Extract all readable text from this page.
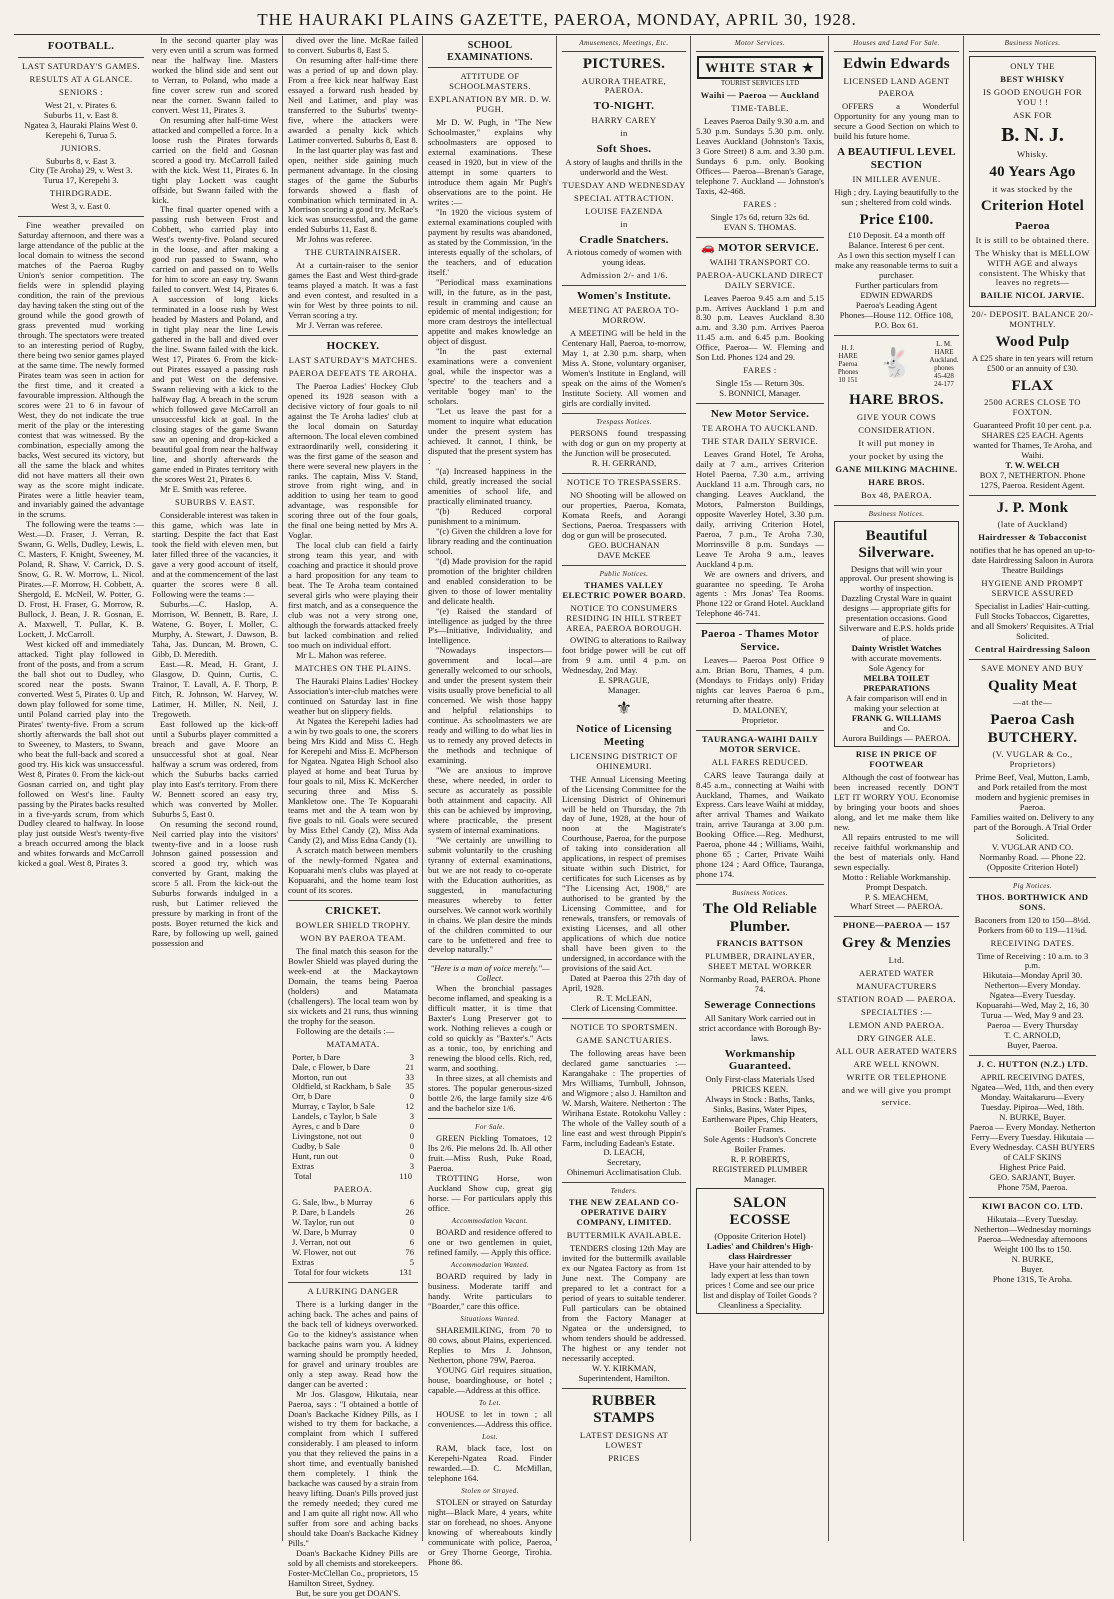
THE HAURAKI PLAINS GAZETTE, PAEROA, MONDAY, APRIL 30, 1928.
FOOTBALL.
LAST SATURDAY'S GAMES.
RESULTS AT A GLANCE.
SENIORS :
West 21, v. Pirates 6.
Suburbs 11, v. East 8.
Ngatea 3, Hauraki Plains West 0.
Kerepehi 6, Turua 5.
JUNIORS.
Suburbs 8, v. East 3.
City (Te Aroha) 29, v. West 3.
Turua 17, Kerepehi 3.
THIRDGRADE.
West 3, v. East 0.

Fine weather prevailed on Saturday afternoon, and there was a large attendance of the public at the local domain to witness the second matches of the Paeroa Rugby Union's senior competition. The fields were in splendid playing condition, the rain of the previous day having taken the sting out of the ground while the good growth of grass prevented mud working through. The spectators were treated to an interesting period of Rugby, there being two senior games played at the same time. The newly formed Pirates team was seen in action for the first time, and it created a favourable impression. Although the scores were 21 to 6 in favour of West, they do not indicate the true merit of the play or the interesting contest that was witnessed. By the combination, especially among the backs, West secured its victory, but all the same the black and whites did not have matters all their own way as the score might indicate. Pirates were a little heavier team, and invariably gained the advantage in the scrums.

The following were the teams :—West.—D. Fraser, J. Verran, R. Swann, G. Wells, Dudley, Lewis, L. C. Masters, F. Knight, Sweeney, M. Poland, R. Shaw, V. Carrick, D. S. Snow, G. R. W. Morrow, L. Nicol. Pirates.—F. Morrow, H. Cobbett, A. Shergold, E. McNeil, W. Potter, G. D. Frost, H. Fraser, G. Morrow, R. Bullock, J. Bean, J. R. Gosnan, E. A. Maxwell, T. Pullar, K. B. Lockett, J. McCarroll.

West kicked off and immediately attacked. Tight play followed in front of the posts, and from a scrum the ball shot out to Dudley, who scored near the posts. Swann converted. West 5, Pirates 0. Up and down play followed for some time, until Poland carried play into the Pirates' twenty-five. From a scrum shortly afterwards the ball shot out to Sweeney, to Masters, to Swann, who beat the full-back and scored a good try. His kick was unsuccessful. West 8, Pirates 0. From the kick-out Gosnan carried on, and tight play followed on West's line. Faulty passing by the Pirates backs resulted in a five-yards scrum, from which Dudley cleared to halfway. In loose play just outside West's twenty-five a breach occurred among the black and whites forwards and McCarroll kicked a goal. West 8, Pirates 3.

In the second quarter play was very even until a scrum was formed near the halfway line. Masters worked the blind side and sent out to Verran, to Poland, who made a fine cover screw run and scored near the corner. Swann failed to convert. West 11, Pirates 3.

On resuming after half-time West attacked and compelled a force. In a loose rush the Pirates forwards carried on the field and Gosnan scored a good try. McCarroll failed with the kick. West 11, Pirates 6. In tight play Lockett was caught offside, but Swann failed with the kick.

The final quarter opened with a passing rush between Frost and Cobbett, who carried play into West's twenty-five. Poland secured in the loose, and after making a good run passed to Swann, who carried on and passed on to Wells for him to score an easy try. Swann failed to convert. West 14, Pirates 6. A succession of long kicks terminated in a loose rush by West headed by Masters and Poland, and in tight play near the line Lewis gathered in the ball and dived over the line. Swann failed with the kick. West 17, Pirates 6. From the kick-out Pirates essayed a passing rush and put West on the defensive. Swann relieving with a kick to the halfway flag. A breach in the scrum which followed gave McCarroll an unsuccessful kick at goal. In the closing stages of the game Swann saw an opening and drop-kicked a beautiful goal from near the halfway line, and shortly afterwards the game ended in Pirates territory with the scores West 21, Pirates 6.

Mr E. Smith was referee.

SUBURBS V. EAST.

Considerable interest was taken in this game, which was late in starting. Despite the fact that East took the field with eleven men, but later filled three of the vacancies, it gave a very good account of itself, and at the commencement of the last quarter the scores were 8 all. Following were the teams :—

Suburbs.—C. Haslop, A. Morrison, W. Bennett, B. Rare, J. Watene, G. Boyer, I. Moller, C. Murphy, A. Stewart, J. Dawson, B. Taha, Jas. Duncan, M. Brown, C. Gibb, D. Meredith.

East.—R. Mead, H. Grant, J. Glasgow, D. Quinn, Curtis, C. Trainor, T. Lavall, A. F. Thorp, P. Fitch, R. Johnson, W. Harvey, W. Latimer, H. Miller, N. Neil, J. Tregoweth.

East followed up the kick-off until a Suburbs player committed a breach and gave Moore an unsuccessful shot at goal. Near halfway a scrum was ordered, from which the Suburbs backs carried play into East's territory. From there W. Bennett scored an easy try, which was converted by Moller. Suburbs 5, East 0.

On resuming the second round, Neil carried play into the visitors' twenty-five and in a loose rush Johnson gained possession and scored a good try, which was converted by Grant, making the score 5 all. From the kick-out the Suburbs forwards indulged in a rush, but Latimer relieved the pressure by marking in front of the posts. Boyer returned the kick and Rare, by following up well, gained possession and

dived over the line. McRae failed to convert. Suburbs 8, East 5.

On resuming after half-time there was a period of up and down play. From a free kick near halfway East essayed a forward rush headed by Neil and Latimer, and play was transferred to the Suburbs' twenty-five, where the attackers were awarded a penalty kick which Latimer converted. Suburbs 8, East 8.

In the last quarter play was fast and open, neither side gaining much permanent advantage. In the closing stages of the game the Suburbs forwards showed a flash of combination which terminated in A. Morrison scoring a good try. McRae's kick was unsuccessful, and the game ended Suburbs 11, East 8.

Mr Johns was referee.

THE CURTAINRAISER.

At a curtain-raiser to the senior games the East and West third-grade teams played a match. It was a fast and even contest, and resulted in a win for West by three points to nil. Verran scoring a try.

Mr J. Verran was referee.

HOCKEY.
LAST SATURDAY'S MATCHES.
PAEROA DEFEATS TE AROHA.

The Paeroa Ladies' Hockey Club opened its 1928 season with a decisive victory of four goals to nil against the Te Aroha ladies' club at the local domain on Saturday afternoon. The local eleven combined extraordinarily well, considering it was the first game of the season and there were several new players in the ranks. The captain, Miss V. Stand, strove from right wing, and in addition to using her team to good advantage, was responsible for scoring three out of the four goals, the final one being netted by Mrs A. Voglar.

The local club can field a fairly strong team this year, and with coaching and practice it should prove a hard proposition for any team to beat. The Te Aroha team contained several girls who were playing their first match, and as a consequence the club was not a very strong one, although the forwards attacked freely but lacked combination and relied too much on individual effort.

Mr L. Mahon was referee.

MATCHES ON THE PLAINS.

The Hauraki Plains Ladies' Hockey Association's inter-club matches were continued on Saturday last in fine weather but on slippery fields.

At Ngatea the Kerepehi ladies had a win by two goals to one, the scorers being Mrs Kidd and Miss C. Hegh for Kerepehi and Miss E. McPherson for Ngatea. Ngatea High School also played at home and beat Turua by four goals to nil, Miss K. McKercher securing three and Miss S. Mankletow one. The Te Kopuarahi teams met and the A team won by five goals to nil. Goals were secured by Miss Ethel Candy (2), Miss Ada Candy (2), and Miss Edna Candy (1).

A scratch match between members of the newly-formed Ngatea and Kopuarahi men's clubs was played at Kopuarahi, and the home team lost count of its scores.

CRICKET.
BOWLER SHIELD TROPHY.
WON BY PAEROA TEAM.

The final match this season for the Bowler Shield was played during the week-end at the Mackaytown Domain, the teams being Paeroa (holders) and Matamata (challengers). The local team won by six wickets and 21 runs, thus winning the trophy for the season.

Following are the details :—

MATAMATA.
Porter, b Dare	3
Dale, c Flower, b Dare	21
Morton, run out	33
Oldfield, st Rackham, b Sale 35
Orr, b Dare	0
Murray, c Taylor, b Sale	12
Landels, c Taylor, b Sale	3
Ayres, c and b Dare	0
Livingstone, not out	0
Cudby, b Sale	0
Hunt, run out	0
Extras	3
Total	110
PAEROA.
G. Sale, lbw., b Murray	6
P. Dare, b Landels	26
W. Taylor, run out	0
W. Dare, b Murray	0
J. Verran, not out	6
W. Flower, not out	76
Extras	5
Total for four wickets	131
A LURKING DANGER

There is a lurking danger in the aching back. The aches and pains of the back tell of kidneys overworked. Go to the kidney's assistance when backache pains warn you. A kidney warning should be promptly heeded, for gravel and urinary troubles are only a step away. Read how the danger can be averted :

Mr Jos. Glasgow, Hikutaia, near Paeroa, says : "I obtained a bottle of Doan's Backache Kidney Pills, as I wished to try them for backache, a complaint from which I suffered considerably. I am pleased to inform you that they relieved the pains in a short time, and eventually banished them completely. I think the backache was caused by a strain from heavy lifting. Doan's Pills proved just the remedy needed; they cured me and I am quite all right now. All who suffer from sore and aching backs should take Doan's Backache Kidney Pills."

Doan's Backache Kidney Pills are sold by all chemists and storekeepers. Foster-McClellan Co., proprietors, 15 Hamilton Street, Sydney.

But, be sure you get DOAN'S.

SCHOOL EXAMINATIONS.
ATTITUDE OF SCHOOLMASTERS.
EXPLANATION BY MR. D. W. PUGH.

Mr D. W. Pugh, in "The New Schoolmaster," explains why schoolmasters are opposed to external examinations. These ceased in 1920, but in view of the attempt in some quarters to introduce them again Mr Pugh's observations are to the point. He writes :—

"In 1920 the vicious system of external examinations coupled with payment by results was abandoned, as stated by the Commission, 'in the interests equally of the scholars, of the teachers, and of education itself.'

"Periodical mass examinations will, in the future, as in the past, result in cramming and cause an epidemic of mental indigestion; for more cram destroys the intellectual appetite and makes knowledge an object of disgust.

"In the past external examinations were a convenient goal, while the inspector was a 'spectre' to the teachers and a veritable 'bogey man' to the scholars.

"Let us leave the past for a moment to inquire what education under the present system has achieved. It cannot, I think, be disputed that the present system has :

"(a) Increased happiness in the child, greatly increased the social amenities of school life, and practically eliminated truancy.

"(b) Reduced corporal punishment to a minimum.

"(c) Given the children a love for library reading and the continuation school.

"(d) Made provision for the rapid promotion of the brighter children and enabled consideration to be given to those of lower mentality and delicate health.

"(e) Raised the standard of intelligence as judged by the three P's—Initiative, Individuality, and Intelligence.

"Nowadays inspectors—government and local—are generally welcomed to our schools, and under the present system their visits usually prove beneficial to all concerned. We wish those happy and helpful relationships to continue. As schoolmasters we are ready and willing to do what lies in us to remedy any proved defects in the methods and technique of examining.

"We are anxious to improve these, where needed, in order to secure as accurately as possible both attainment and capacity. All this can be achieved by improving, where practicable, the present system of internal examinations.

"We certainly are unwilling to submit voluntarily to the crushing tyranny of external examinations, but we are not ready to co-operate with the Education authorities, as suggested, in manufacturing measures whereby to fetter ourselves. We cannot work worthily in chains. We plan desire the minds of the children committed to our care to be unfettered and free to develop naturally."

"Here is a man of voice merely."—Collect.

When the bronchial passages become inflamed, and speaking is a difficult matter, it is time that Baxter's Lung Preserver got to work. Nothing relieves a cough or cold so quickly as "Baxter's." Acts as a tonic, too, by enriching and renewing the blood cells. Rich, red, warm, and soothing.

In three sizes, at all chemists and stores. The popular generous-sized bottle 2/6, the large family size 4/6 and the bachelor size 1/6.

For Sale.

GREEN Pickling Tomatoes, 12 lbs 2/6. Pie melons 2d. lb. All other fruit.—Miss Rush, Puke Road, Paeroa.

TROTTING Horse, won Auckland Show cup, great gig horse. — For particulars apply this office.

Accommodation Vacant.

BOARD and residence offered to one or two gentlemen in quiet, refined family. — Apply this office.

Accommodation Wanted.

BOARD required by lady in business. Moderate tariff and handy. Write particulars to "Boarder," care this office.

Situations Wanted.

SHAREMILKING, from 70 to 80 cows, about Plains, experienced. Replies to Mrs J. Johnson, Netherton, phone 79W, Paeroa.

YOUNG Girl requires situation, house, boardinghouse, or hotel ; capable.—Address at this office.

To Let.

HOUSE to let in town ; all conveniences.—Address this office.

Lost.

RAM, black face, lost on Kerepehi-Ngatea Road. Finder rewarded.—D. C. McMillan, telephone 164.

Stolen or Strayed.

STOLEN or strayed on Saturday night—Black Mare, 4 years, white star on forehead, no shoes. Anyone knowing of whereabouts kindly communicate with police, Paeroa, or Grey Thorne George, Tirohia. Phone 86.

Amusements, Meetings, Etc.
PICTURES.
AURORA THEATRE, PAEROA.
TO-NIGHT.
HARRY CAREY
in
Soft Shoes.
A story of laughs and thrills in the underworld and the West.
TUESDAY AND WEDNESDAY
SPECIAL ATTRACTION.
LOUISE FAZENDA
in
Cradle Snatchers.
A riotous comedy of women with young ideas.
Admission 2/- and 1/6.
Women's Institute.
MEETING AT PAEROA TO-MORROW.

A MEETING will be held in the Centenary Hall, Paeroa, to-morrow, May 1, at 2.30 p.m. sharp, when Miss A. Stone, voluntary organiser, Women's Institute in England, will speak on the aims of the Women's Institute Society. All women and girls are cordially invited.

Trespass Notices.

PERSONS found trespassing with dog or gun on my property at the Junction will be prosecuted.

R. H. GERRAND,
NOTICE TO TRESPASSERS.

NO Shooting will be allowed on our properties, Paeroa, Komata, Komata Reefs, and Aorangi Sections, Paeroa. Trespassers with dog or gun will be prosecuted.

GEO. BUCHANAN
DAVE McKEE
Public Notices.
THAMES VALLEY ELECTRIC POWER BOARD.
NOTICE TO CONSUMERS RESIDING IN HILL STREET AREA, PAEROA BOROUGH.

OWING to alterations to Railway foot bridge power will be cut off from 9 a.m. until 4 p.m. on Wednesday, 2nd May.

E. SPRAGUE,
Manager.
⚜
Notice of Licensing Meeting
LICENSING DISTRICT OF OHINEMURI.

THE Annual Licensing Meeting of the Licensing Committee for the Licensing District of Ohinemuri will be held on Thursday, the 7th day of June, 1928, at the hour of noon at the Magistrate's Courthouse, Paeroa, for the purpose of taking into consideration all applications, in respect of premises situate within such District, for certificates for such Licenses as by "The Licensing Act, 1908," are authorised to be granted by the Licensing Committee, and for renewals, transfers, or removals of existing Licenses, and all other applications of which due notice shall have been given to the undersigned, in accordance with the provisions of the said Act.

Dated at Paeroa this 27th day of April, 1928.

R. T. McLEAN,
Clerk of Licensing Committee.
NOTICE TO SPORTSMEN.
GAME SANCTUARIES.

The following areas have been declared game sanctuaries :— Karangahake : The properties of Mrs Williams, Turnbull, Johnson, and Wigmore ; also J. Hamilton and W. Marsh, Waitere. Netherton : The Wirihana Estate. Rotokohu Valley : The whole of the Valley south of a line east and west through Pippin's Farm, including Eadean's Estate.

D. LEACH,
Secretary,
Ohinemuri Acclimatisation Club.
Tenders.
THE NEW ZEALAND CO-OPERATIVE DAIRY COMPANY, LIMITED.
BUTTERMILK AVAILABLE.

TENDERS closing 12th May are invited for the buttermilk available ex our Ngatea Factory as from 1st June next. The Company are prepared to let a contract for a period of years to suitable tenderer. Full particulars can be obtained from the Factory Manager at Ngatea or the undersigned, to whom tenders should be addressed. The highest or any tender not necessarily accepted.

W. Y. KIRKMAN,
Superintendent, Hamilton.
RUBBER STAMPS
LATEST DESIGNS AT LOWEST
PRICES
Motor Services.
WHITE STAR ★
TOURIST SERVICES LTD
Waihi — Paeroa — Auckland
TIME-TABLE.

Leaves Paeroa Daily 9.30 a.m. and 5.30 p.m. Sundays 5.30 p.m. only. Leaves Auckland (Johnston's Taxis, 3 Gore Street) 8 a.m. and 3.30 p.m. Sundays 6 p.m. only. Booking Offices— Paeroa—Brenan's Garage, telephone 7. Auckland — Johnston's Taxis, 42-468.

FARES :
Single 17s 6d, return 32s 6d.
EVAN S. THOMAS.
🚗 MOTOR SERVICE.
WAIHI TRANSPORT CO.
PAEROA-AUCKLAND DIRECT DAILY SERVICE.

Leaves Paeroa 9.45 a.m and 5.15 p.m. Arrives Auckland 1 p.m and 8.30 p.m. Leaves Auckland 8.30 a.m. and 3.30 p.m. Arrives Paeroa 11.45 a.m. and 6.45 p.m. Booking Office, Paeroa— W. Fleming and Son Ltd. Phones 124 and 29.

FARES :
Single 15s — Return 30s.
S. BONNICI, Manager.
New Motor Service.
TE AROHA TO AUCKLAND.
THE STAR DAILY SERVICE.

Leaves Grand Hotel, Te Aroha, daily at 7 a.m., arrives Criterion Hotel Paeroa, 7.30 a.m., arriving Auckland 11 a.m. Through cars, no changing. Leaves Auckland, the Motors, Palmerston Buildings, opposite Waverley Hotel, 3.30 p.m. daily, arriving Criterion Hotel, Paeroa, 7 p.m., Te Aroha 7.30, Morrinsville 8 p.m. Sundays — Leave Te Aroha 9 a.m., leaves Auckland 4 p.m.

We are owners and drivers, and guarantee no speeding. Te Aroha agents : Mrs Jonas' Tea Rooms. Phone 122 or Grand Hotel. Auckland Telephone 46-741.

Paeroa - Thames Motor Service.

Leaves— Paeroa Post Office 9 a.m. Brian Boru, Thames, 4 p.m. (Mondays to Fridays only) Friday nights car leaves Paeroa 6 p.m., returning after theatre.

D. MALONEY,
Proprietor.
TAURANGA-WAIHI DAILY MOTOR SERVICE.
ALL FARES REDUCED.

CARS leave Tauranga daily at 8.45 a.m., connecting at Waihi with Auckland, Thames, and Waikato Express. Cars leave Waihi at midday, after arrival Thames and Waikato train, arrive Tauranga at 3.00 p.m. Booking Office.—Reg. Medhurst, Paeroa, phone 44 ; Williams, Waihi, phone 65 ; Carter, Private Waihi phone 124 ; Aard Office, Tauranga, phone 174.

Business Notices.
The Old Reliable Plumber.
FRANCIS BATTSON
PLUMBER, DRAINLAYER, SHEET METAL WORKER
Normanby Road, PAEROA. Phone 74.
Sewerage Connections
All Sanitary Work carried out in strict accordance with Borough By-laws.
Workmanship Guaranteed.
Only First-class Materials Used PRICES KEEN.
Always in Stock : Baths, Tanks, Sinks, Basins, Water Pipes, Earthenware Pipes, Chip Heaters, Boiler Frames.
Sole Agents : Hudson's Concrete Boiler Frames.
R. P. ROBERTS,
REGISTERED PLUMBER
Manager.
SALON ECOSSE
(Opposite Criterion Hotel)
Ladies' and Children's High-class Hairdresser
Have your hair attended to by lady expert at less than town prices ! Come and see our price list and display of Toilet Goods ?
Cleanliness a Speciality.
Houses and Land For Sale.
Edwin Edwards
LICENSED LAND AGENT
PAEROA

OFFERS a Wonderful Opportunity for any young man to secure a Good Section on which to build his future home.

A BEAUTIFUL LEVEL SECTION
IN MILLER AVENUE.
High ; dry. Laying beautifully to the sun ; sheltered from cold winds.
Price £100.
£10 Deposit. £4 a month off Balance. Interest 6 per cent.
As I own this section myself I can make any reasonable terms to suit a purchaser.
Further particulars from
EDWIN EDWARDS
Paeroa's Leading Agent
Phones—House 112. Office 108, P.O. Box 61.
H. J. HARE Paeroa Phones 10 151
🐇
L. M. HARE Auckland. phones 45-428 24-177
HARE BROS.
GIVE YOUR COWS
CONSIDERATION.
It will put money in
your pocket by using the
GANE MILKING MACHINE.
HARE BROS.
Box 48, PAEROA.
Business Notices.
Beautiful Silverware.
Designs that will win your approval. Our present showing is worthy of inspection.
Dazzling Crystal Ware in quaint designs — appropriate gifts for presentation occasions. Good Silverware and E.P.S. holds pride of place.
Dainty Wristlet Watches
with accurate movements.
Sole Agency for
MELBA TOILET PREPARATIONS
A fair comparison will end in making your selection at
FRANK G. WILLIAMS
and Co.
Aurora Buildings — PAEROA.
RISE IN PRICE OF FOOTWEAR

Although the cost of footwear has been increased recently DON'T LET IT WORRY YOU. Economise by bringing your boots and shoes along, and let me make them like new.

All repairs entrusted to me will receive faithful workmanship and the best of materials only. Hand sewn especially.

Motto : Reliable Workmanship. Prompt Despatch.
P. S. MEACHEM,
Wharf Street — PAEROA.
PHONE—PAEROA — 157
Grey & Menzies
Ltd.
AERATED WATER
MANUFACTURERS
STATION ROAD — PAEROA.
SPECIALTIES :—
LEMON AND PAEROA.
DRY GINGER ALE.
ALL OUR AERATED WATERS
ARE WELL KNOWN.
WRITE OR TELEPHONE
and we will give you prompt
service.
Business Notices.
ONLY THE
BEST WHISKY
IS GOOD ENOUGH FOR YOU ! !
ASK FOR
B. N. J.
Whisky.
40 Years Ago
it was stocked by the
Criterion Hotel
Paeroa
It is still to be obtained there.
The Whisky that is MELLOW WITH AGE and always consistent. The Whisky that leaves no regrets—
BAILIE NICOL JARVIE.
20/- DEPOSIT. BALANCE 20/- MONTHLY.
Wood Pulp
A £25 share in ten years will return £500 or an annuity of £30.
FLAX
2500 ACRES CLOSE TO FOXTON.
Guaranteed Profit 10 per cent. p.a. SHARES £25 EACH. Agents wanted for Thames, Te Aroha, and Waihi.
T. W. WELCH
BOX 7, NETHERTON. Phone 127S, Paeroa. Resident Agent.
J. P. Monk
(late of Auckland)
Hairdresser & Tobacconist
notifies that he has opened an up-to-date Hairdressing Saloon in Aurora Theatre Buildings
HYGIENE AND PROMPT SERVICE ASSURED
Specialist in Ladies' Hair-cutting. Full Stocks Tobaccos, Cigarettes, and all Smokers' Requisites. A Trial Solicited.
Central Hairdressing Saloon
SAVE MONEY AND BUY
Quality Meat
—at the—
Paeroa Cash BUTCHERY.
(V. VUGLAR & Co., Proprietors)
Prime Beef, Veal, Mutton, Lamb, and Pork retailed from the most modern and hygienic premises in Paeroa.
Families waited on. Delivery to any part of the Borough. A Trial Order Solicited.
V. VUGLAR AND CO.
Normanby Road. — Phone 22. (Opposite Criterion Hotel)
Pig Notices.
THOS. BORTHWICK AND SONS.
Baconers from 120 to 150—8½d. Porkers from 60 to 119—11¾d.
RECEIVING DATES.
Time of Receiving : 10 a.m. to 3 p.m.
Hikutaia—Monday April 30.
Netherton—Every Monday.
Ngatea—Every Tuesday.
Kopuarahi—Wed, May 2, 16, 30
Turua — Wed, May 9 and 23.
Paeroa — Every Thursday
T. C. ARNOLD,
Buyer, Paeroa.
J. C. HUTTON (N.Z.) LTD.
APRIL RECEIVING DATES, Ngatea—Wed, 11th, and then every Monday. Waitakaruru—Every Tuesday. Pipiroa—Wed, 18th.
N. BURKE, Buyer.
Paeroa — Every Monday. Netherton Ferry—Every Tuesday. Hikutaia — Every Wednesday. CASH BUYERS of CALF SKINS
Highest Price Paid.
GEO. SARJANT, Buyer.
Phone 75M, Paeroa.
KIWI BACON CO. LTD.
Hikutaia—Every Tuesday. Netherton—Wednesday mornings Paeroa—Wednesday afternoons Weight 100 lbs to 150.
N. BURKE,
Buyer.
Phone 131S, Te Aroha.
